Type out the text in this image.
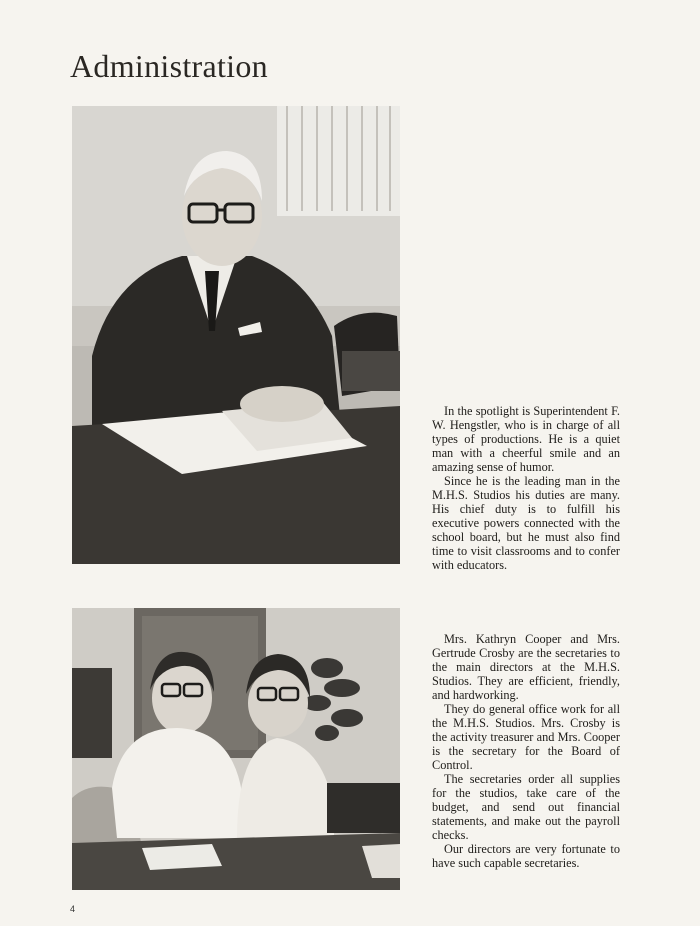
Administration

In the spotlight is Superintendent F. W. Hengstler, who is in charge of all types of productions. He is a quiet man with a cheerful smile and an amazing sense of humor.

Since he is the leading man in the M.H.S. Studios his duties are many. His chief duty is to fulfill his executive powers connected with the school board, but he must also find time to visit classrooms and to confer with educators.

Mrs. Kathryn Cooper and Mrs. Gertrude Crosby are the secretaries to the main directors at the M.H.S. Studios. They are efficient, friendly, and hardworking.

They do general office work for all the M.H.S. Studios. Mrs. Crosby is the activity treasurer and Mrs. Cooper is the secretary for the Board of Control.

The secretaries order all supplies for the studios, take care of the budget, and send out financial statements, and make out the payroll checks.

Our directors are very fortunate to have such capable secretaries.

4
